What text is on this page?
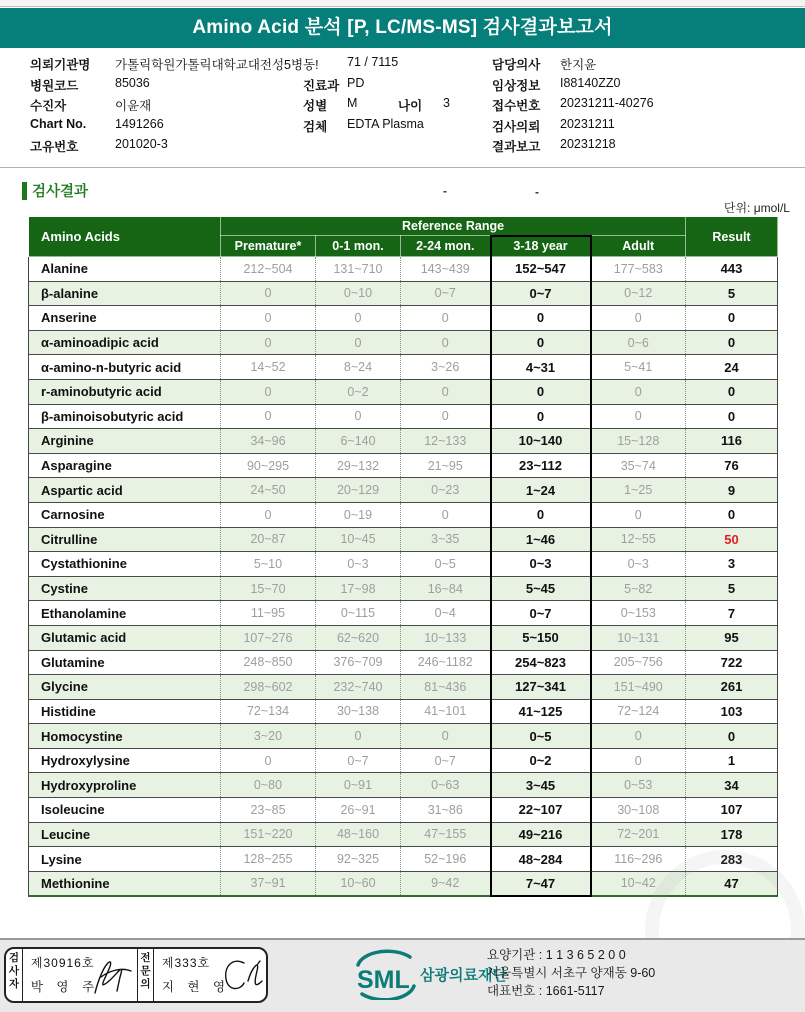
Amino Acid 분석 [P, LC/MS-MS] 검사결과보고서
의뢰기관명 가톨릭학원가톨릭대학교대전성5병동! 71 / 7115	담당의사 한지윤
병원코드	85036	진료과 PD	임상정보 I88140ZZ0
수진자	이윤재	성별 M	나이 3	접수번호 20231211-40276
Chart No. 1491266	검체 EDTA Plasma	검사의뢰 20231211
고유번호	201020-3	결과보고 20231218
검사결과	-	-
단위: μmol/L
Amino Acids	Reference Range					Result
	Premature*	0-1 mon.	2-24 mon.	3-18 year	Adult	
Alanine	212~504	131~710	143~439	152~547	177~583	443
β-alanine	0	0~10	0~7	0~7	0~12	5
Anserine	0	0	0	0	0	0
α-aminoadipic acid	0	0	0	0	0~6	0
α-amino-n-butyric acid	14~52	8~24	3~26	4~31	5~41	24
r-aminobutyric acid	0	0~2	0	0	0	0
β-aminoisobutyric acid	0	0	0	0	0	0
Arginine	34~96	6~140	12~133	10~140	15~128	116
Asparagine	90~295	29~132	21~95	23~112	35~74	76
Aspartic acid	24~50	20~129	0~23	1~24	1~25	9
Carnosine	0	0~19	0	0	0	0
Citrulline	20~87	10~45	3~35	1~46	12~55	50
Cystathionine	5~10	0~3	0~5	0~3	0~3	3
Cystine	15~70	17~98	16~84	5~45	5~82	5
Ethanolamine	11~95	0~115	0~4	0~7	0~153	7
Glutamic acid	107~276	62~620	10~133	5~150	10~131	95
Glutamine	248~850	376~709	246~1182	254~823	205~756	722
Glycine	298~602	232~740	81~436	127~341	151~490	261
Histidine	72~134	30~138	41~101	41~125	72~124	103
Homocystine	3~20	0	0	0~5	0	0
Hydroxylysine	0	0~7	0~7	0~2	0	1
Hydroxyproline	0~80	0~91	0~63	3~45	0~53	34
Isoleucine	23~85	26~91	31~86	22~107	30~108	107
Leucine	151~220	48~160	47~155	49~216	72~201	178
Lysine	128~255	92~325	52~196	48~284	116~296	283
Methionine	37~91	10~60	9~42	7~47	10~42	47
검사자
제30916호
박 영 주
전문의
제333호
지 현 영	SML 삼광의료재단
요양기관 : 1 1 3 6 5 2 0 0
서울특별시 서초구 양재동 9-60
대표번호 : 1661-5117
